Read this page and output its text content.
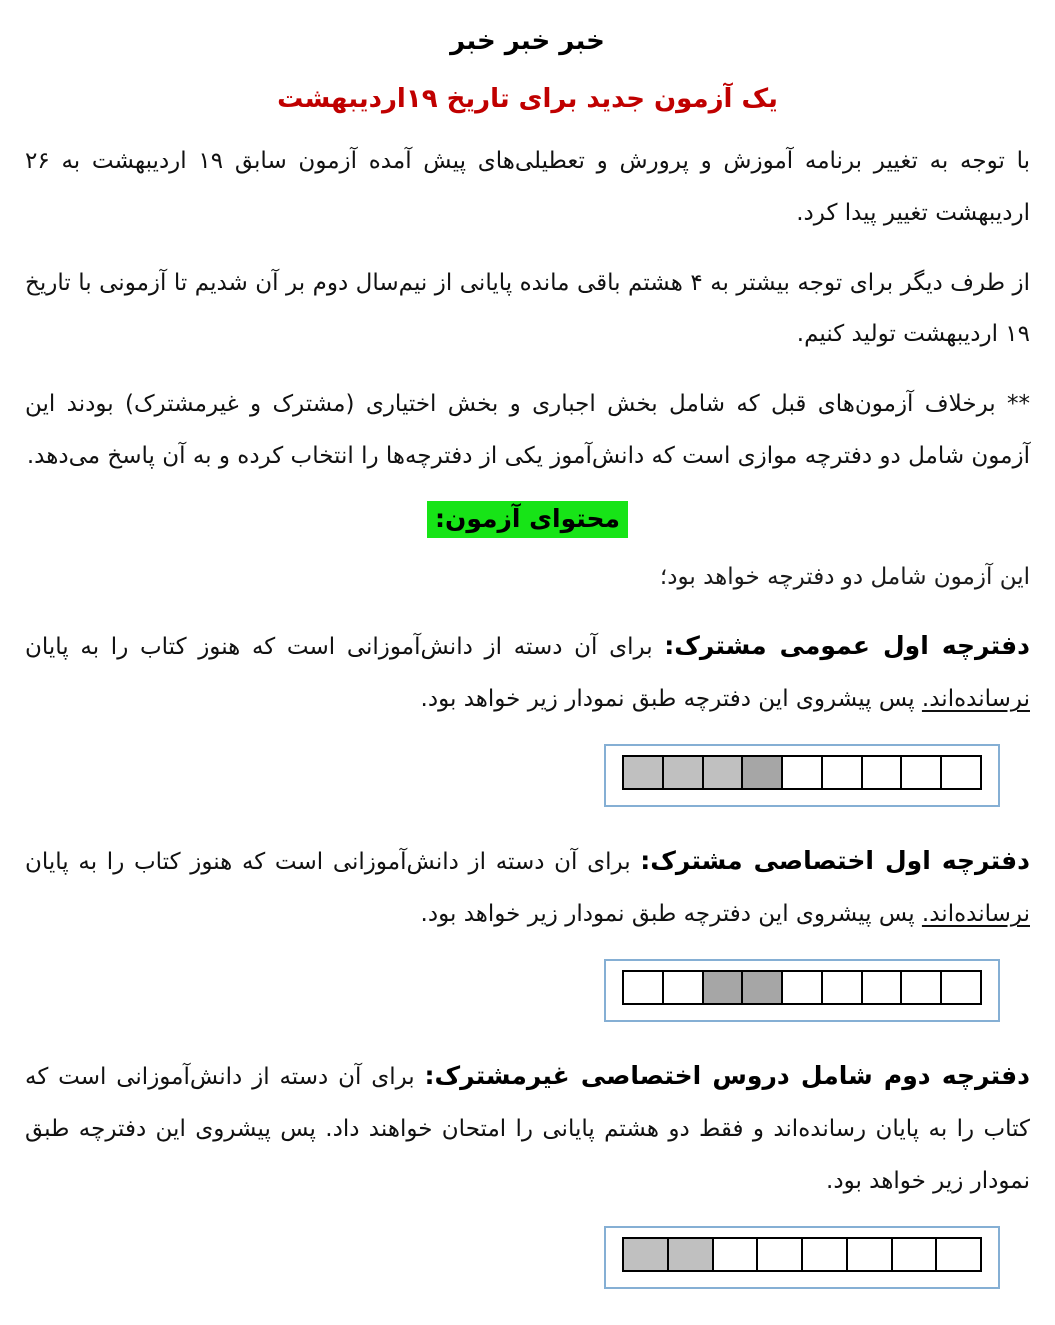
خبر خبر خبر
یک آزمون جدید برای تاریخ ۱۹اردیبهشت

با توجه به تغییر برنامه آموزش و پرورش و تعطیلی‌های پیش آمده آزمون سابق ۱۹ اردیبهشت به ۲۶ اردیبهشت تغییر پیدا کرد.

از طرف دیگر برای توجه بیشتر به ۴ هشتم باقی مانده پایانی از نیم‌سال دوم بر آن شدیم تا آزمونی با تاریخ ۱۹ اردیبهشت تولید کنیم.

** برخلاف آزمون‌های قبل که شامل بخش اجباری و بخش اختیاری (مشترک و غیرمشترک) بودند این آزمون شامل دو دفترچه موازی است که دانش‌آموز یکی از دفترچه‌ها را انتخاب کرده و به آن پاسخ می‌دهد.

محتوای آزمون:

این آزمون شامل دو دفترچه خواهد بود؛

دفترچه اول عمومی مشترک: برای آن دسته از دانش‌آموزانی است که هنوز کتاب را به پایان نرسانده‌اند. پس پیشروی این دفترچه طبق نمودار زیر خواهد بود.

دفترچه اول اختصاصی مشترک: برای آن دسته از دانش‌آموزانی است که هنوز کتاب را به پایان نرسانده‌اند. پس پیشروی این دفترچه طبق نمودار زیر خواهد بود.

دفترچه دوم شامل دروس اختصاصی غیرمشترک: برای آن دسته از دانش‌آموزانی است که کتاب را به پایان رسانده‌اند و فقط دو هشتم پایانی را امتحان خواهند داد. پس پیشروی این دفترچه طبق نمودار زیر خواهد بود.
